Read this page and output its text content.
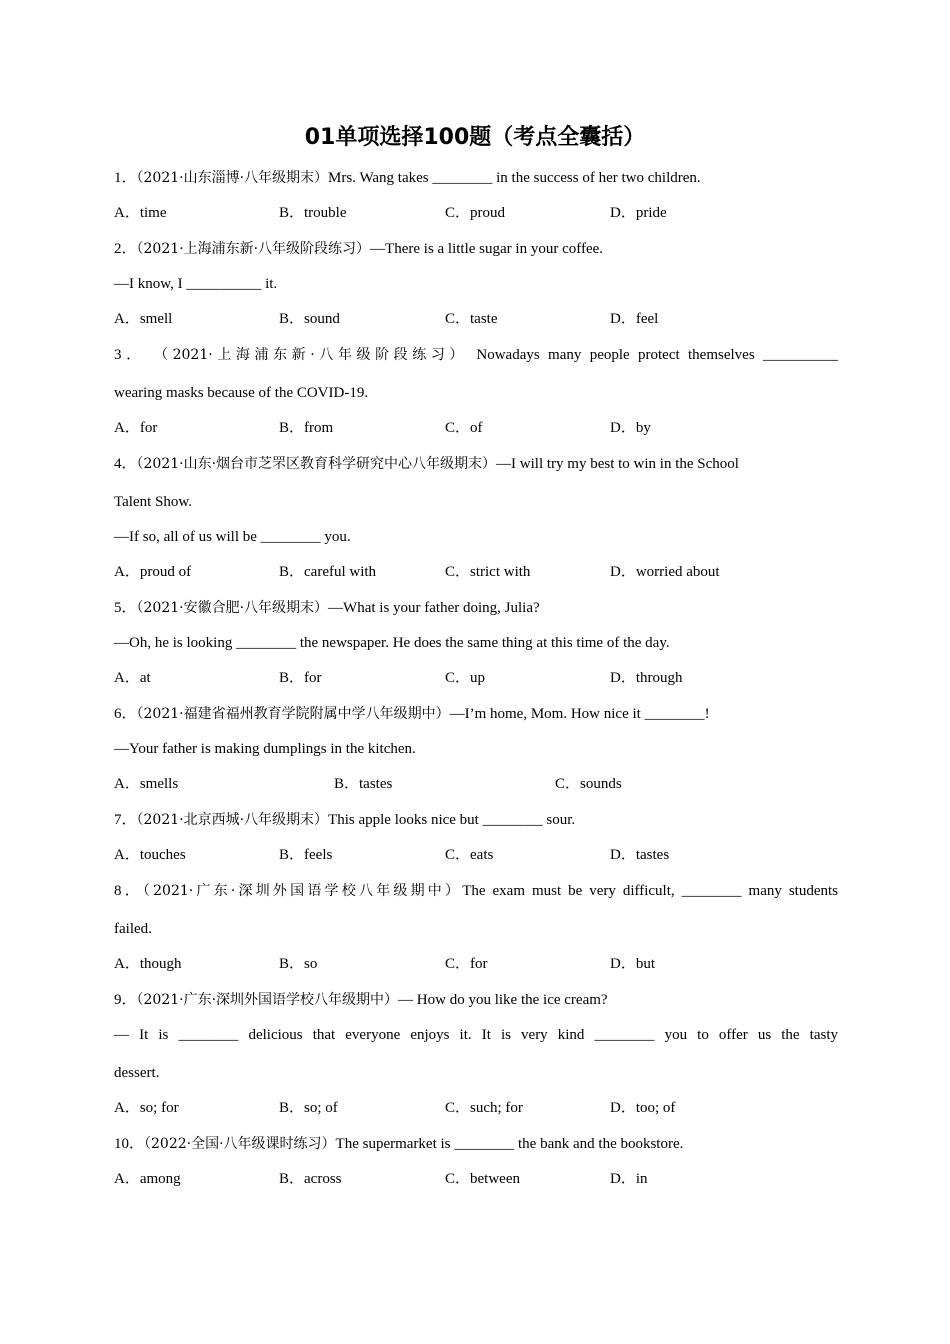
01单项选择100题（考点全囊括）
1．（2021·山东淄博·八年级期末）Mrs. Wang takes ________ in the success of her two children.
A．time	B．trouble	C．proud	D．pride
2．（2021·上海浦东新·八年级阶段练习）—There is a little sugar in your coffee.
—I know, I __________ it.
A．smell	B．sound	C．taste	D．feel
3． （2021·上海浦东新·八年级阶段练习） Nowadays many people protect themselves __________
wearing masks because of the COVID-19.
A．for	B．from	C．of	D．by
4．（2021·山东·烟台市芝罘区教育科学研究中心八年级期末）—I will try my best to win in the School
Talent Show.
—If so, all of us will be ________ you.
A．proud of	B．careful with	C．strict with	D．worried about
5．（2021·安徽合肥·八年级期末）—What is your father doing, Julia?
—Oh, he is looking ________ the newspaper. He does the same thing at this time of the day.
A．at	B．for	C．up	D．through
6．（2021·福建省福州教育学院附属中学八年级期中）—I’m home, Mom. How nice it ________!
—Your father is making dumplings in the kitchen.
A．smells	B．tastes	C．sounds
7．（2021·北京西城·八年级期末）This apple looks nice but ________ sour.
A．touches	B．feels	C．eats	D．tastes
8．（2021·广东·深圳外国语学校八年级期中）The exam must be very difficult, ________ many students
failed.
A．though	B．so	C．for	D．but
9．（2021·广东·深圳外国语学校八年级期中）— How do you like the ice cream?
— It is ________ delicious that everyone enjoys it. It is very kind ________ you to offer us the tasty
dessert.
A．so; for	B．so; of	C．such; for	D．too; of
10．（2022·全国·八年级课时练习）The supermarket is ________ the bank and the bookstore.
A．among	B．across	C．between	D．in
